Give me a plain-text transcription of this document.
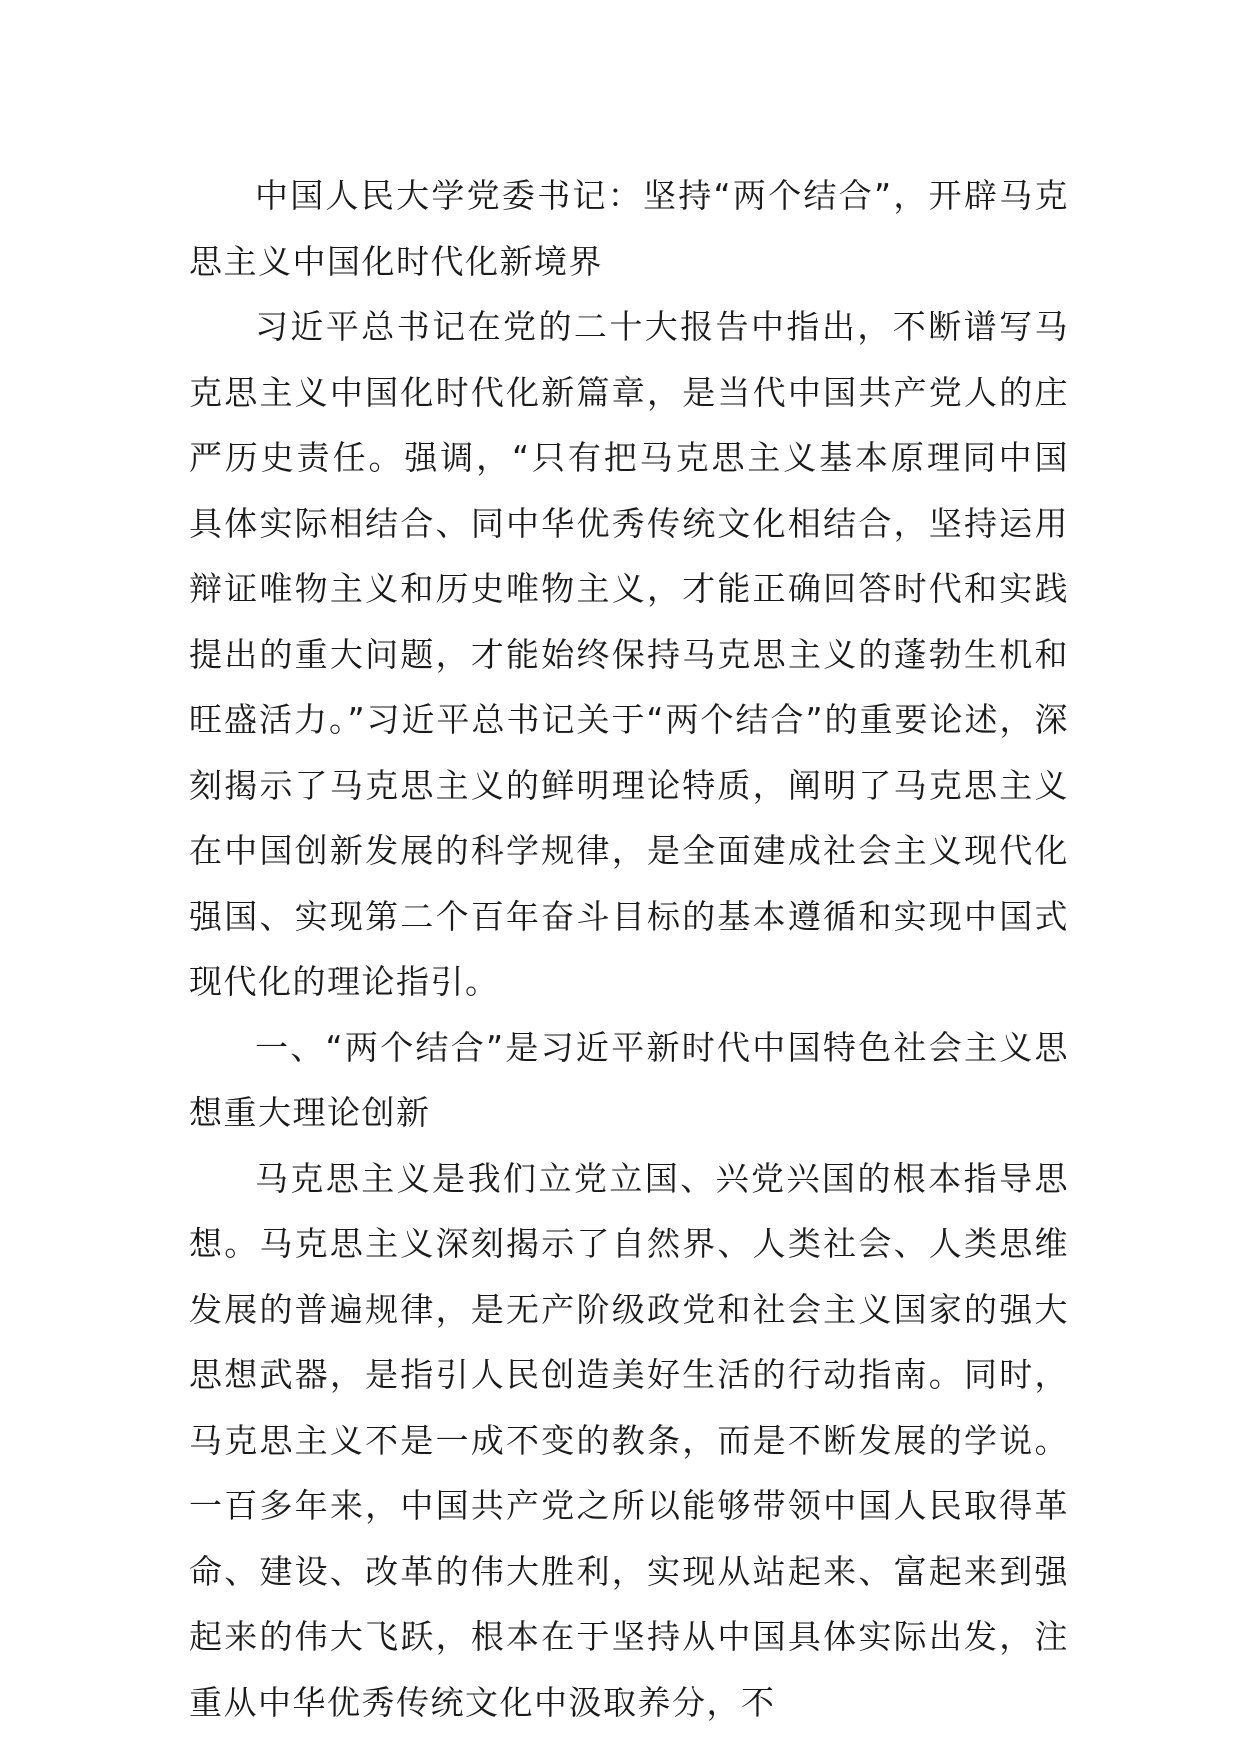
中国人民大学党委书记：坚持“两个结合”，开辟马克思主义中国化时代化新境界

习近平总书记在党的二十大报告中指出，不断谱写马克思主义中国化时代化新篇章，是当代中国共产党人的庄严历史责任。强调，“只有把马克思主义基本原理同中国具体实际相结合、同中华优秀传统文化相结合，坚持运用辩证唯物主义和历史唯物主义，才能正确回答时代和实践提出的重大问题，才能始终保持马克思主义的蓬勃生机和旺盛活力。”习近平总书记关于“两个结合”的重要论述，深刻揭示了马克思主义的鲜明理论特质，阐明了马克思主义在中国创新发展的科学规律，是全面建成社会主义现代化强国、实现第二个百年奋斗目标的基本遵循和实现中国式现代化的理论指引。

一、“两个结合”是习近平新时代中国特色社会主义思想重大理论创新

马克思主义是我们立党立国、兴党兴国的根本指导思想。马克思主义深刻揭示了自然界、人类社会、人类思维发展的普遍规律，是无产阶级政党和社会主义国家的强大思想武器，是指引人民创造美好生活的行动指南。同时，马克思主义不是一成不变的教条，而是不断发展的学说。一百多年来，中国共产党之所以能够带领中国人民取得革命、建设、改革的伟大胜利，实现从站起来、富起来到强起来的伟大飞跃，根本在于坚持从中国具体实际出发，注重从中华优秀传统文化中汲取养分，不
